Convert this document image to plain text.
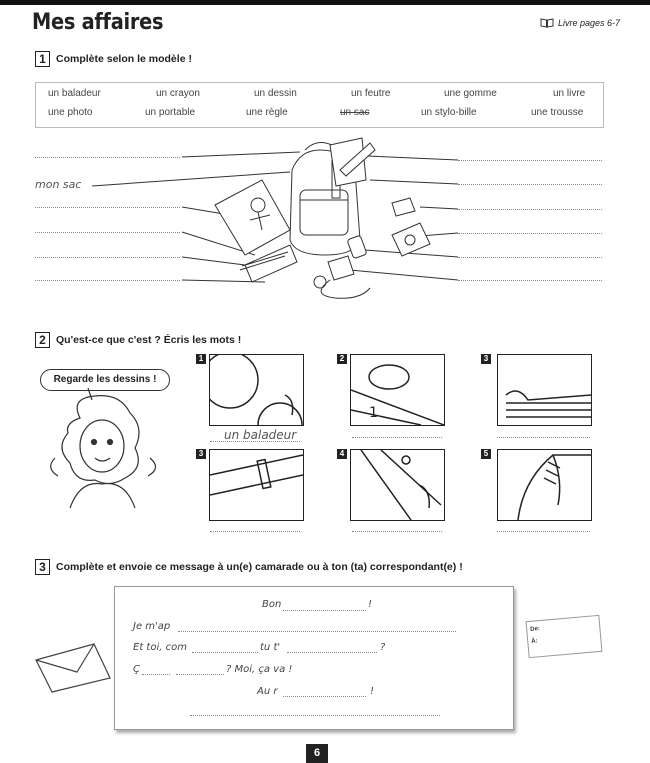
Mes affaires	Livre pages 6-7
1 Complète selon le modèle !
un baladeur	un crayon	un dessin	un feutre	une gomme	un livre
une photo	un portable	une règle	un sac	un stylo-bille	une trousse
mon sac
2 Qu'est-ce que c'est ? Écris les mots !
Regarde les dessins !
1	2
1
3
un baladeur
3	4	5
3 Complète et envoie ce message à un(e) camarade ou à ton (ta) correspondant(e) !
Bon	!
Je m'ap
Et toi, com	tu t'	?
Ç	? Moi, ça va !
Au r	!
De:
À:
6
